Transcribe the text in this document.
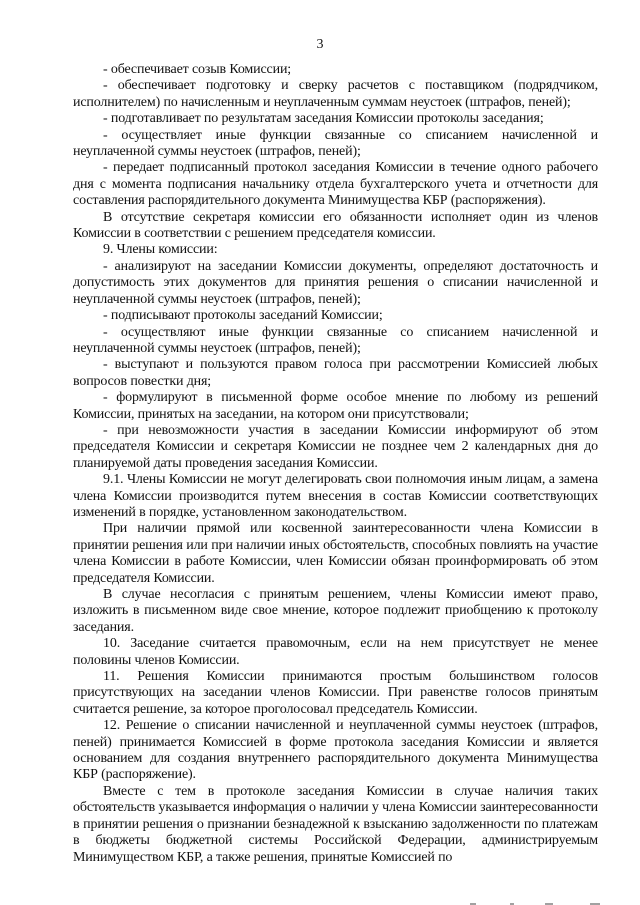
3

- обеспечивает созыв Комиссии;

- обеспечивает подготовку и сверку расчетов с поставщиком (подрядчиком, исполнителем) по начисленным и неуплаченным суммам неустоек (штрафов, пеней);

- подготавливает по результатам заседания Комиссии протоколы заседания;

- осуществляет иные функции связанные со списанием начисленной и неуплаченной суммы неустоек (штрафов, пеней);

- передает подписанный протокол заседания Комиссии в течение одного рабочего дня с момента подписания начальнику отдела бухгалтерского учета и отчетности для составления распорядительного документа Минимущества КБР (распоряжения).

В отсутствие секретаря комиссии его обязанности исполняет один из членов Комиссии в соответствии с решением председателя комиссии.

9. Члены комиссии:

- анализируют на заседании Комиссии документы, определяют достаточность и допустимость этих документов для принятия решения о списании начисленной и неуплаченной суммы неустоек (штрафов, пеней);

- подписывают протоколы заседаний Комиссии;

- осуществляют иные функции связанные со списанием начисленной и неуплаченной суммы неустоек (штрафов, пеней);

- выступают и пользуются правом голоса при рассмотрении Комиссией любых вопросов повестки дня;

- формулируют в письменной форме особое мнение по любому из решений Комиссии, принятых на заседании, на котором они присутствовали;

- при невозможности участия в заседании Комиссии информируют об этом председателя Комиссии и секретаря Комиссии не позднее чем 2 календарных дня до планируемой даты проведения заседания Комиссии.

9.1. Члены Комиссии не могут делегировать свои полномочия иным лицам, а замена члена Комиссии производится путем внесения в состав Комиссии соответствующих изменений в порядке, установленном законодательством.

При наличии прямой или косвенной заинтересованности члена Комиссии в принятии решения или при наличии иных обстоятельств, способных повлиять на участие члена Комиссии в работе Комиссии, член Комиссии обязан проинформировать об этом председателя Комиссии.

В случае несогласия с принятым решением, члены Комиссии имеют право, изложить в письменном виде свое мнение, которое подлежит приобщению к протоколу заседания.

10. Заседание считается правомочным, если на нем присутствует не менее половины членов Комиссии.

11. Решения Комиссии принимаются простым большинством голосов присутствующих на заседании членов Комиссии. При равенстве голосов принятым считается решение, за которое проголосовал председатель Комиссии.

12. Решение о списании начисленной и неуплаченной суммы неустоек (штрафов, пеней) принимается Комиссией в форме протокола заседания Комиссии и является основанием для создания внутреннего распорядительного документа Минимущества КБР (распоряжение).

Вместе с тем в протоколе заседания Комиссии в случае наличия таких обстоятельств указывается информация о наличии у члена Комиссии заинтересованности в принятии решения о признании безнадежной к взысканию задолженности по платежам в бюджеты бюджетной системы Российской Федерации, администрируемым Минимуществом КБР, а также решения, принятые Комиссией по
